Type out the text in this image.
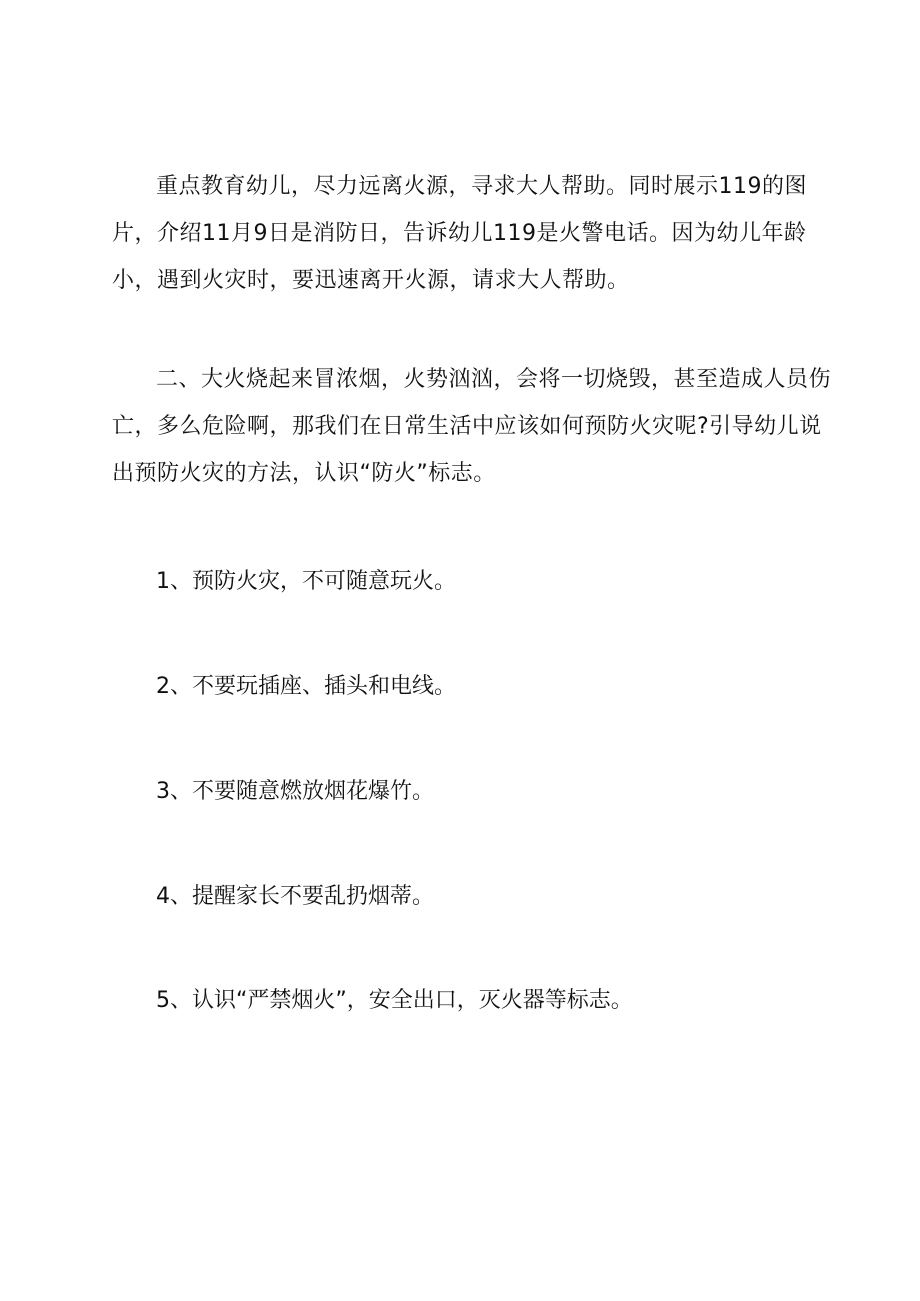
重点教育幼儿，尽力远离火源，寻求大人帮助。同时展示119的图片，介绍11月9日是消防日，告诉幼儿119是火警电话。因为幼儿年龄小，遇到火灾时，要迅速离开火源，请求大人帮助。

二、大火烧起来冒浓烟，火势汹汹，会将一切烧毁，甚至造成人员伤亡，多么危险啊，那我们在日常生活中应该如何预防火灾呢?引导幼儿说出预防火灾的方法，认识“防火”标志。

1、预防火灾，不可随意玩火。

2、不要玩插座、插头和电线。

3、不要随意燃放烟花爆竹。

4、提醒家长不要乱扔烟蒂。

5、认识“严禁烟火”，安全出口，灭火器等标志。
